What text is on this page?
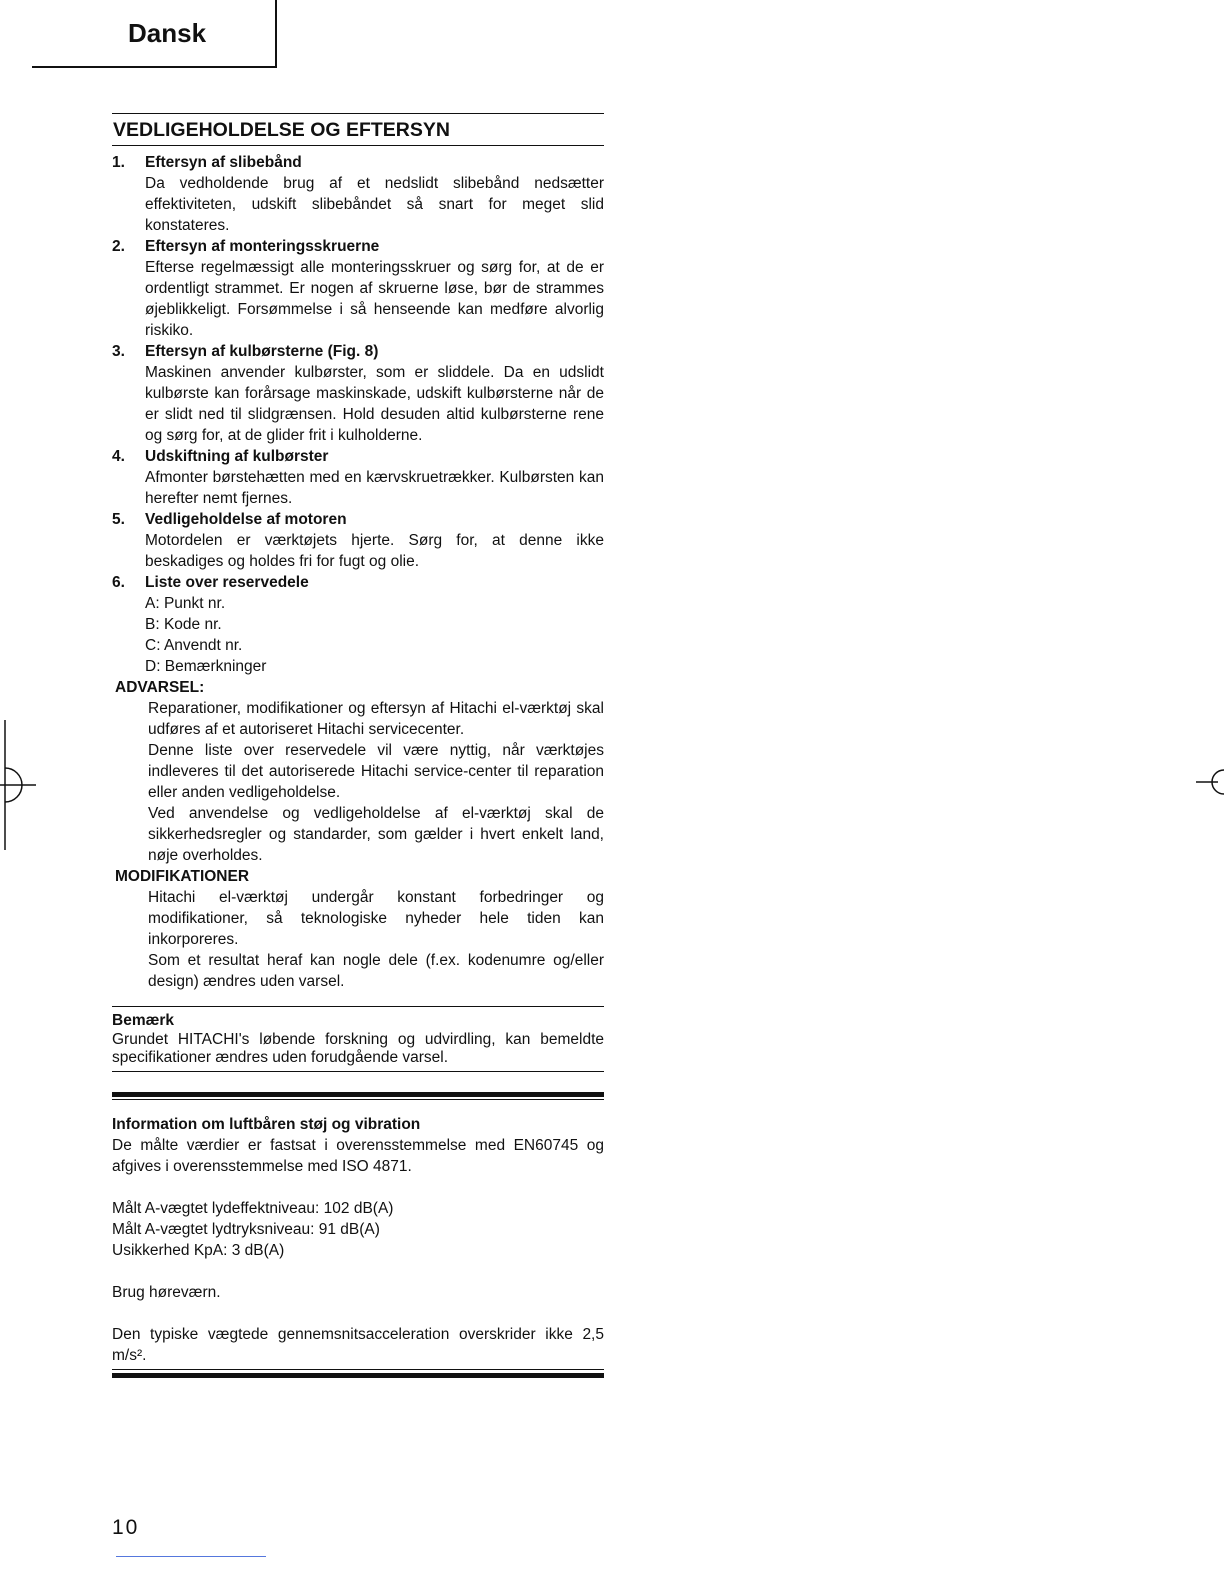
Dansk
VEDLIGEHOLDELSE OG EFTERSYN
1.	Eftersyn af slibebånd
Da vedholdende brug af et nedslidt slibebånd nedsætter effektiviteten, udskift slibebåndet så snart for meget slid konstateres.
2.	Eftersyn af monteringsskruerne
Efterse regelmæssigt alle monteringsskruer og sørg for, at de er ordentligt strammet. Er nogen af skruerne løse, bør de strammes øjeblikkeligt. Forsømmelse i så henseende kan medføre alvorlig riskiko.
3.	Eftersyn af kulbørsterne (Fig. 8)
Maskinen anvender kulbørster, som er sliddele. Da en udslidt kulbørste kan forårsage maskinskade, udskift kulbørsterne når de er slidt ned til slidgrænsen. Hold desuden altid kulbørsterne rene og sørg for, at de glider frit i kulholderne.
4.	Udskiftning af kulbørster
Afmonter børstehætten med en kærvskruetrækker. Kulbørsten kan herefter nemt fjernes.
5.	Vedligeholdelse af motoren
Motordelen er værktøjets hjerte. Sørg for, at denne ikke beskadiges og holdes fri for fugt og olie.
6.	Liste over reservedele
A: Punkt nr.
B: Kode nr.
C: Anvendt nr.
D: Bemærkninger
ADVARSEL:
Reparationer, modifikationer og eftersyn af Hitachi el-værktøj skal udføres af et autoriseret Hitachi servicecenter.
Denne liste over reservedele vil være nyttig, når værktøjes indleveres til det autoriserede Hitachi service-center til reparation eller anden vedligeholdelse.
Ved anvendelse og vedligeholdelse af el-værktøj skal de sikkerhedsregler og standarder, som gælder i hvert enkelt land, nøje overholdes.
MODIFIKATIONER
Hitachi el-værktøj undergår konstant forbedringer og modifikationer, så teknologiske nyheder hele tiden kan inkorporeres.
Som et resultat heraf kan nogle dele (f.ex. kodenumre og/eller design) ændres uden varsel.
Bemærk
Grundet HITACHI's løbende forskning og udvirdling, kan bemeldte specifikationer ændres uden forudgående varsel.
Information om luftbåren støj og vibration
De målte værdier er fastsat i overensstemmelse med EN60745 og afgives i overensstemmelse med ISO 4871.
Målt A-vægtet lydeffektniveau: 102 dB(A)
Målt A-vægtet lydtryksniveau: 91 dB(A)
Usikkerhed KpA: 3 dB(A)
Brug høreværn.
Den typiske vægtede gennemsnitsacceleration overskrider ikke 2,5 m/s².
10
